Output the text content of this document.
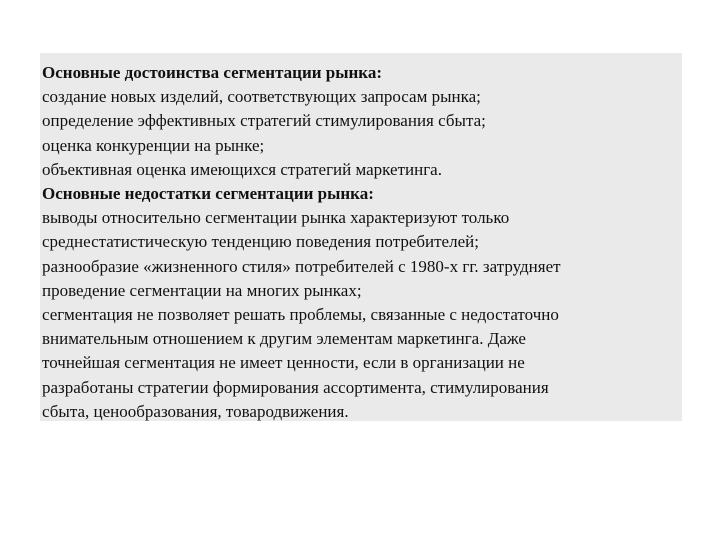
Основные достоинства сегментации рынка:
создание новых изделий, соответствующих запросам рынка;
определение эффективных стратегий стимулирования сбыта;
оценка конкуренции на рынке;
объективная оценка имеющихся стратегий маркетинга.
Основные недостатки сегментации рынка:
выводы относительно сегментации рынка характеризуют только
среднестатистическую тенденцию поведения потребителей;
разнообразие «жизненного стиля» потребителей с 1980-х гг. затрудняет
проведение сегментации на многих рынках;
сегментация не позволяет решать проблемы, связанные с недостаточно
внимательным отношением к другим элементам маркетинга. Даже
точнейшая сегментация не имеет ценности, если в организации не
разработаны стратегии формирования ассортимента, стимулирования
сбыта, ценообразования, товародвижения.
